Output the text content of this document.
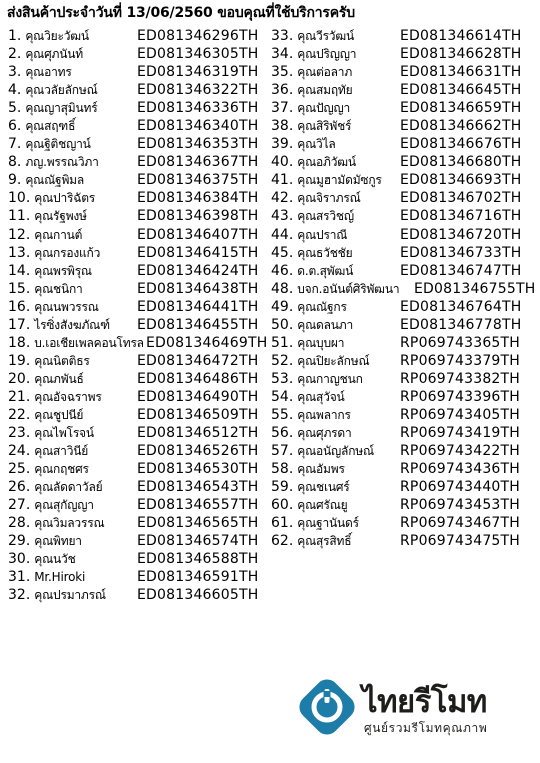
ส่งสินค้าประจำวันที่ 13/06/2560 ขอบคุณที่ใช้บริการครับ
1. คุณวิยะวัฒน์	ED081346296TH
2. คุณศุภนันท์	ED081346305TH
3. คุณอาทร	ED081346319TH
4. คุณวลัยลักษณ์	ED081346322TH
5. คุณญาสุมินทร์	ED081346336TH
6. คุณสฤฑธิ์	ED081346340TH
7. คุณฐิติชญาน์	ED081346353TH
8. ภญ.พรรณวิภา	ED081346367TH
9. คุณณัฐพิมล	ED081346375TH
10. คุณปาริฉัตร	ED081346384TH
11. คุณรัฐพงษ์	ED081346398TH
12. คุณกานต์	ED081346407TH
13. คุณกรองแก้ว	ED081346415TH
14. คุณพรพิรุณ	ED081346424TH
15. คุณชนิกา	ED081346438TH
16. คุณนพวรรณ	ED081346441TH
17. ไรซิ่งสังฆภัณฑ์ ED081346455TH
18. บ.เอเชียเพลคอนโทรล ED081346469TH
19. คุณนิตติธร	ED081346472TH
20. คุณภพันธ์	ED081346486TH
21. คุณอัจฉราพร	ED081346490TH
22. คุณชูปนีย์	ED081346509TH
23. คุณไพโรจน์	ED081346512TH
24. คุณสาวินีย์	ED081346526TH
25. คุณกฤชศร	ED081346530TH
26. คุณลัดดาวัลย์ ED081346543TH
27. คุณสุกัญญา	ED081346557TH
28. คุณวิมลวรรณ ED081346565TH
29. คุณพิทยา	ED081346574TH
30. คุณนวัช	ED081346588TH
31. Mr.Hiroki	ED081346591TH
32. คุณปรมาภรณ์ ED081346605TH
33. คุณวีรวัฒน์	ED081346614TH
34. คุณปริญญา	ED081346628TH
35. คุณต่อลาภ	ED081346631TH
36. คุณสมฤทัย	ED081346645TH
37. คุณปัญญา	ED081346659TH
38. คุณสิริพัชร์	ED081346662TH
39. คุณวิไล	ED081346676TH
40. คุณอภิวัฒน์	ED081346680TH
41. คุณมูฮามัดมัซกูร ED081346693TH
42. คุณจิราภรณ์	ED081346702TH
43. คุณสรวิชญ์	ED081346716TH
44. คุณปราณี	ED081346720TH
45. คุณธวัชชัย	ED081346733TH
46. ด.ต.สุพัฒน์	ED081346747TH
48. บจก.อนันต์ศิริพัฒนา ED081346755TH
49. คุณณัฐกร	ED081346764TH
50. คุณดลนภา	ED081346778TH
51. คุณบุบผา	RP069743365TH
52. คุณปิยะลักษณ์ RP069743379TH
53. คุณกาญชนก	RP069743382TH
54. คุณสุวัจน์	RP069743396TH
55. คุณพลากร	RP069743405TH
56. คุณศุภรดา	RP069743419TH
57. คุณอนัญลักษณ์ RP069743422TH
58. คุณอัมพร	RP069743436TH
59. คุณชเนศร์	RP069743440TH
60. คุณศรัณยู	RP069743453TH
61. คุณฐานันดร์	RP069743467TH
62. คุณสุรสิทธิ์	RP069743475TH
ไทยรีโมท
ศูนย์รวมรีโมทคุณภาพ
